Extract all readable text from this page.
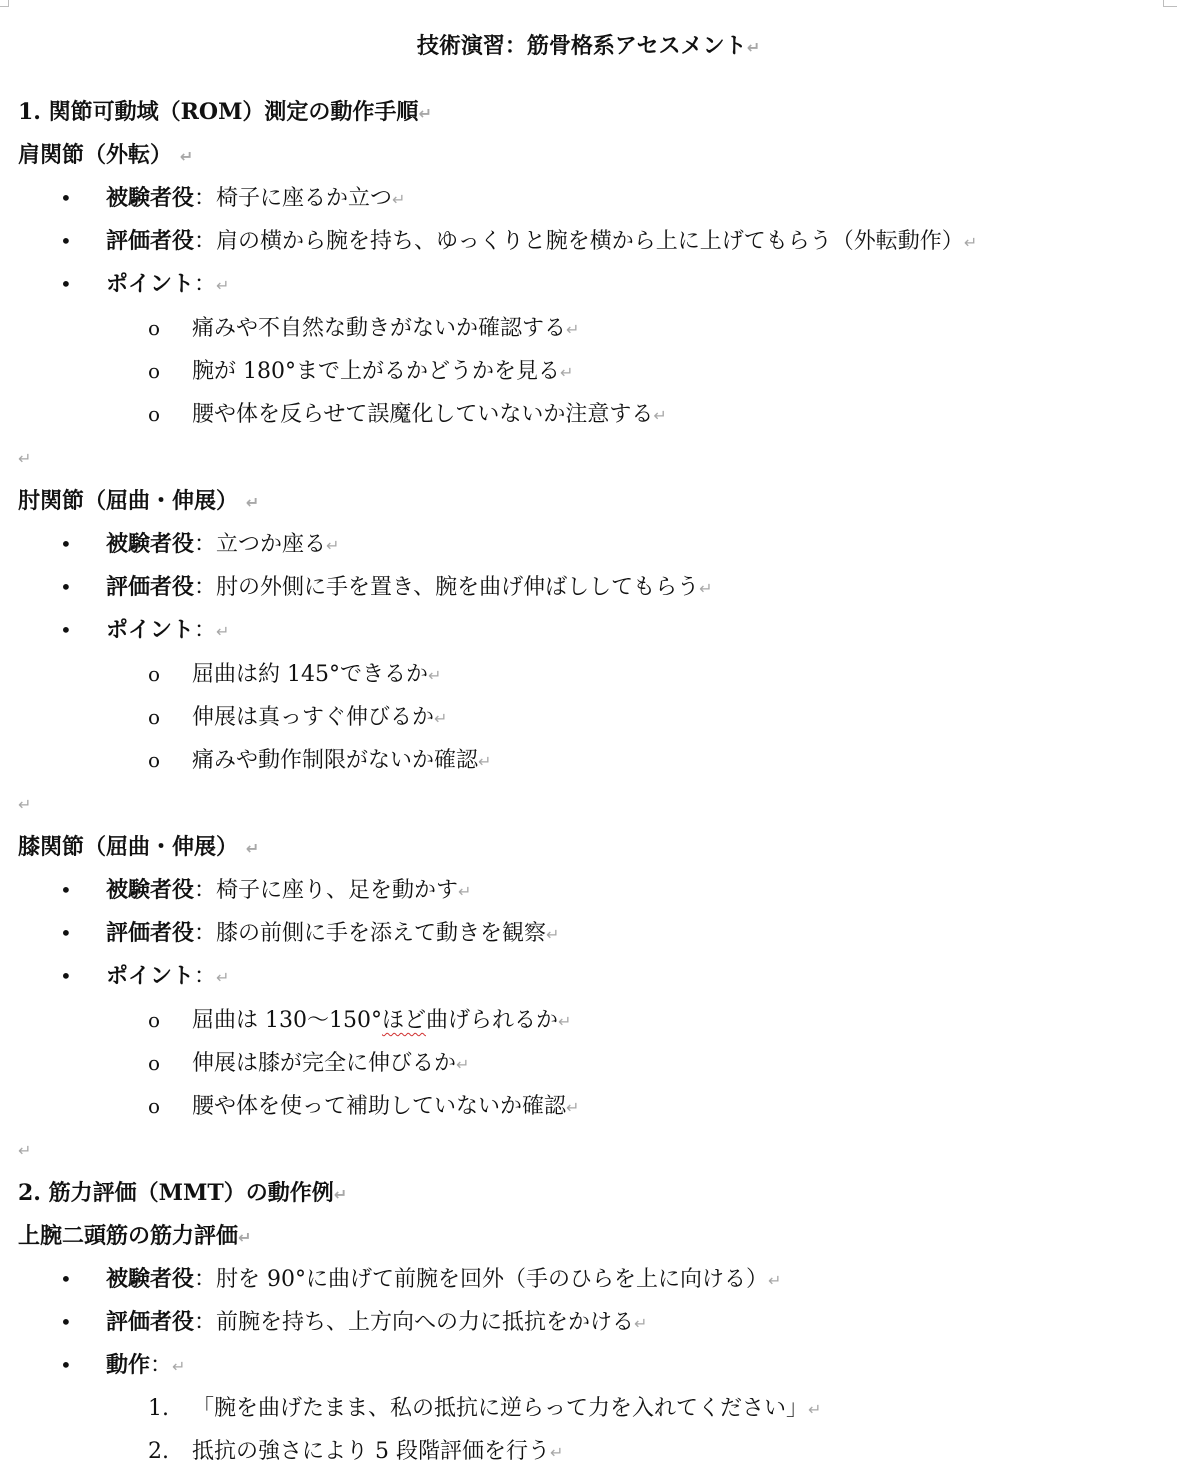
技術演習：筋骨格系アセスメント↵
1. 関節可動域（ROM）測定の動作手順↵
肩関節（外転） ↵
• 被験者役：椅子に座るか立つ↵
• 評価者役：肩の横から腕を持ち、ゆっくりと腕を横から上に上げてもらう（外転動作）↵
• ポイント：↵
o 痛みや不自然な動きがないか確認する↵
o 腕が 180°まで上がるかどうかを見る↵
o 腰や体を反らせて誤魔化していないか注意する↵
↵
肘関節（屈曲・伸展） ↵
• 被験者役：立つか座る↵
• 評価者役：肘の外側に手を置き、腕を曲げ伸ばししてもらう↵
• ポイント：↵
o 屈曲は約 145°できるか↵
o 伸展は真っすぐ伸びるか↵
o 痛みや動作制限がないか確認↵
↵
膝関節（屈曲・伸展） ↵
• 被験者役：椅子に座り、足を動かす↵
• 評価者役：膝の前側に手を添えて動きを観察↵
• ポイント：↵
o 屈曲は 130〜150°ほど曲げられるか↵
o 伸展は膝が完全に伸びるか↵
o 腰や体を使って補助していないか確認↵
↵
2. 筋力評価（MMT）の動作例↵
上腕二頭筋の筋力評価↵
• 被験者役：肘を 90°に曲げて前腕を回外（手のひらを上に向ける）↵
• 評価者役：前腕を持ち、上方向への力に抵抗をかける↵
• 動作：↵
1. 「腕を曲げたまま、私の抵抗に逆らって力を入れてください」↵
2. 抵抗の強さにより 5 段階評価を行う↵
